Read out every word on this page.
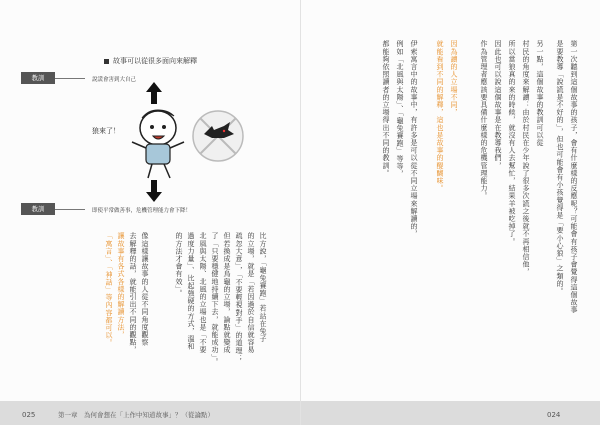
故事可以從很多面向來解釋
教訓	說謊會害到大自己
教訓	即使平常做善事，危機管理能力會下降！
狼來了！
比方說，「龜兔賽跑」若站在兔子
的立場，就是「若因過於自信就容易
疏忽大意」，「不要輕視對手」的道理；
但若換成是烏龜的立場，論點就變成
了「只要穩健地持續下去，就能成功」。
北風與太陽、北風的立場也是「不要
過度力量」、比起強硬的方式，溫和
的方法才會有效」。
像這樣讓故事的人從不同角度觀察
去解釋的話，就能引出不同的觀點，
讓故事有各式各樣的解讀方法，
「寓言」、「神話」等內容都可以。
025	第一章　為何會想在「上作中知道故事」？（從論點）
第一次聽到這個故事的孩子，會有什麼樣的反應呢？可能會有孩子會覺得這個故事
是要教導「說謊是不好的」，但也可能會有小孩覺得是「要小心狼」之類的。
另一點，這個故事的教訓可以從
村民的角度來解讀：由於村民在少年說了很多次謊之後就不再相信他，
所以當狼真的來的時候，就沒有人去幫忙，結果羊被吃掉了。
因此也可以說這個故事是在教導我們，
作為管理者應該要具備什麼樣的危機管理能力。
因為讀的人立場不同，
就能看到不同的解釋，這也是故事的醍醐味。
伊索寓言中的故事中，有許多是可以從不同立場來解讀的，
例如「北風與太陽」、「龜兔賽跑」等等，
都能夠依照讀者的立場得出不同的教訓。
024
